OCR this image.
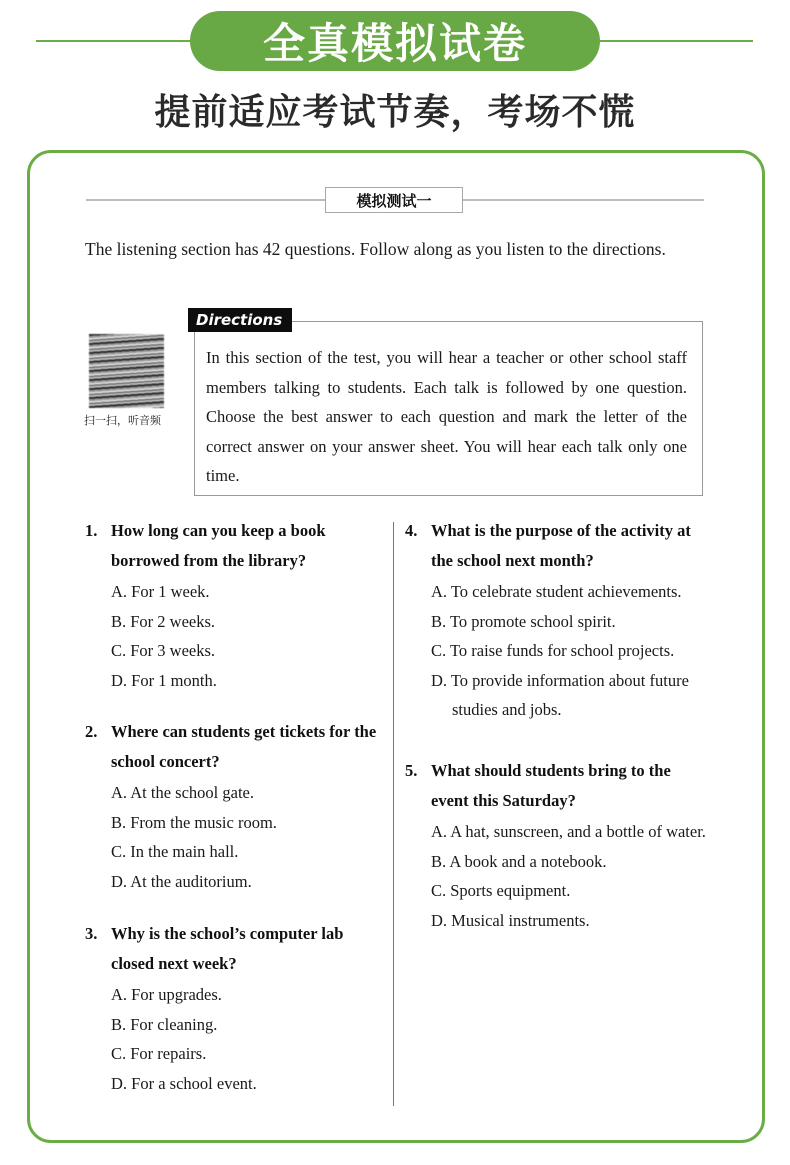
全真模拟试卷
提前适应考试节奏，考场不慌
模拟测试一

The listening section has 42 questions. Follow along as you listen to the directions.

扫一扫，听音频
Directions

In this section of the test, you will hear a teacher or other school staff members talking to students. Each talk is followed by one question. Choose the best answer to each question and mark the letter of the correct answer on your answer sheet. You will hear each talk only one time.

1. How long can you keep a book borrowed from the library?
A. For 1 week.
B. For 2 weeks.
C. For 3 weeks.
D. For 1 month.
2. Where can students get tickets for the school concert?
A. At the school gate.
B. From the music room.
C. In the main hall.
D. At the auditorium.
3. Why is the school’s computer lab closed next week?
A. For upgrades.
B. For cleaning.
C. For repairs.
D. For a school event.
4. What is the purpose of the activity at the school next month?
A. To celebrate student achievements.
B. To promote school spirit.
C. To raise funds for school projects.
D. To provide information about future studies and jobs.
5. What should students bring to the event this Saturday?
A. A hat, sunscreen, and a bottle of water.
B. A book and a notebook.
C. Sports equipment.
D. Musical instruments.
